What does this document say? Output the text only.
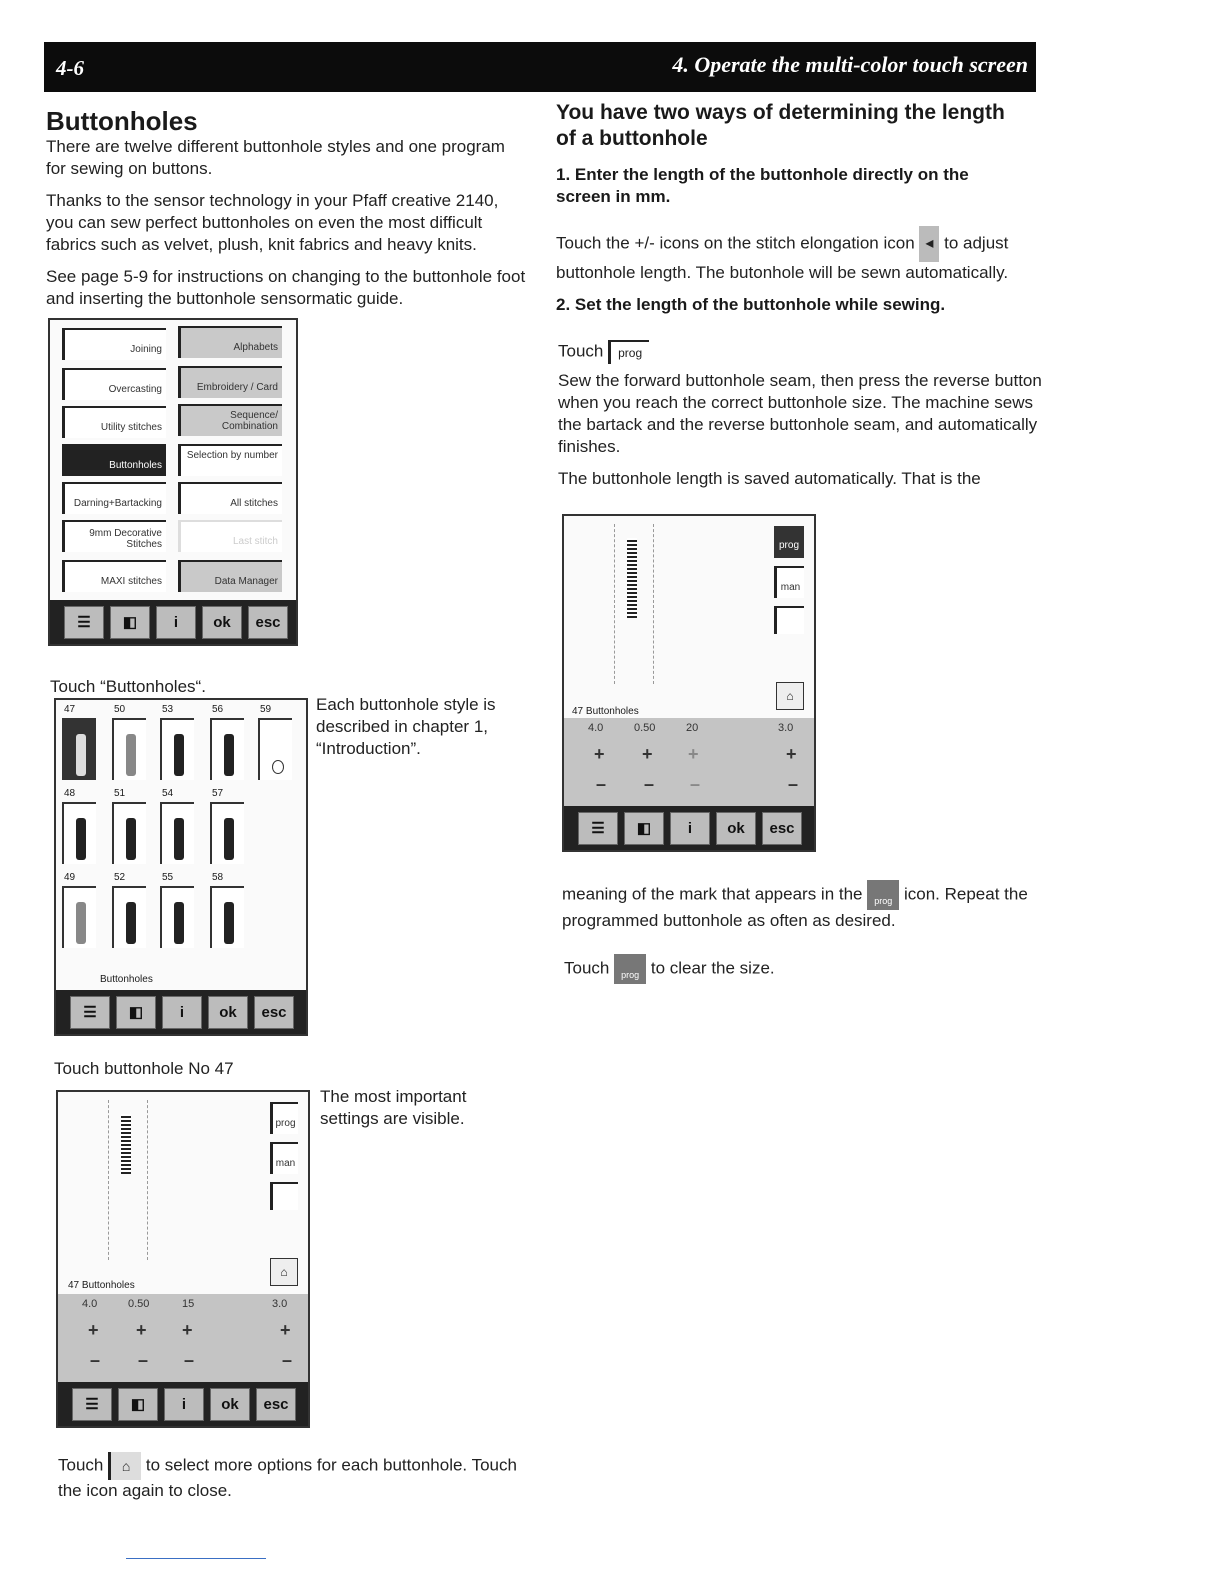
4-6	4. Operate the multi-color touch screen
Buttonholes

There are twelve different buttonhole styles and one program for sewing on buttons.

Thanks to the sensor technology in your Pfaff creative 2140, you can sew perfect buttonholes on even the most difficult fabrics such as velvet, plush, knit fabrics and heavy knits.

See page 5-9 for instructions on changing to the buttonhole foot and inserting the buttonhole sensormatic guide.

Joining
Overcasting
Utility stitches
Buttonholes
Darning+Bartacking
9mm Decorative Stitches
MAXI stitches
Alphabets
Embroidery / Card
Sequence/ Combination
Selection by number
All stitches
Last stitch
Data Manager
☰	◧	i	ok	esc
Touch “Buttonholes“.
47	50	53	56	59
48	51	54	57
49	52	55	58
Buttonholes
☰	◧	i	ok	esc
Each buttonhole style is described in chapter 1, “Introduction”.
Touch buttonhole No 47
prog
man
⌂
47 Buttonholes
4.0	0.50	15	3.0
+ + +	+
– – –	–
☰	◧	i	ok	esc
The most important settings are visible.
Touch ⌂ to select more options for each buttonhole. Touch the icon again to close.
You have two ways of determining the length of a buttonhole
1. Enter the length of the buttonhole directly on the screen in mm.
Touch the +/- icons on the stitch elongation icon ◂ to adjust buttonhole length. The butonhole will be sewn automatically.
2. Set the length of the buttonhole while sewing.
Touch prog

Sew the forward buttonhole seam, then press the reverse button when you reach the correct buttonhole size. The machine sews the bartack and the reverse buttonhole seam, and automatically finishes.

The buttonhole length is saved automatically. That is the

prog
man
⌂
47 Buttonholes
4.0	0.50	20	3.0
+ + +	+
– – –	–
☰	◧	i	ok	esc
meaning of the mark that appears in the prog icon. Repeat the programmed buttonhole as often as desired.
Touch prog to clear the size.
